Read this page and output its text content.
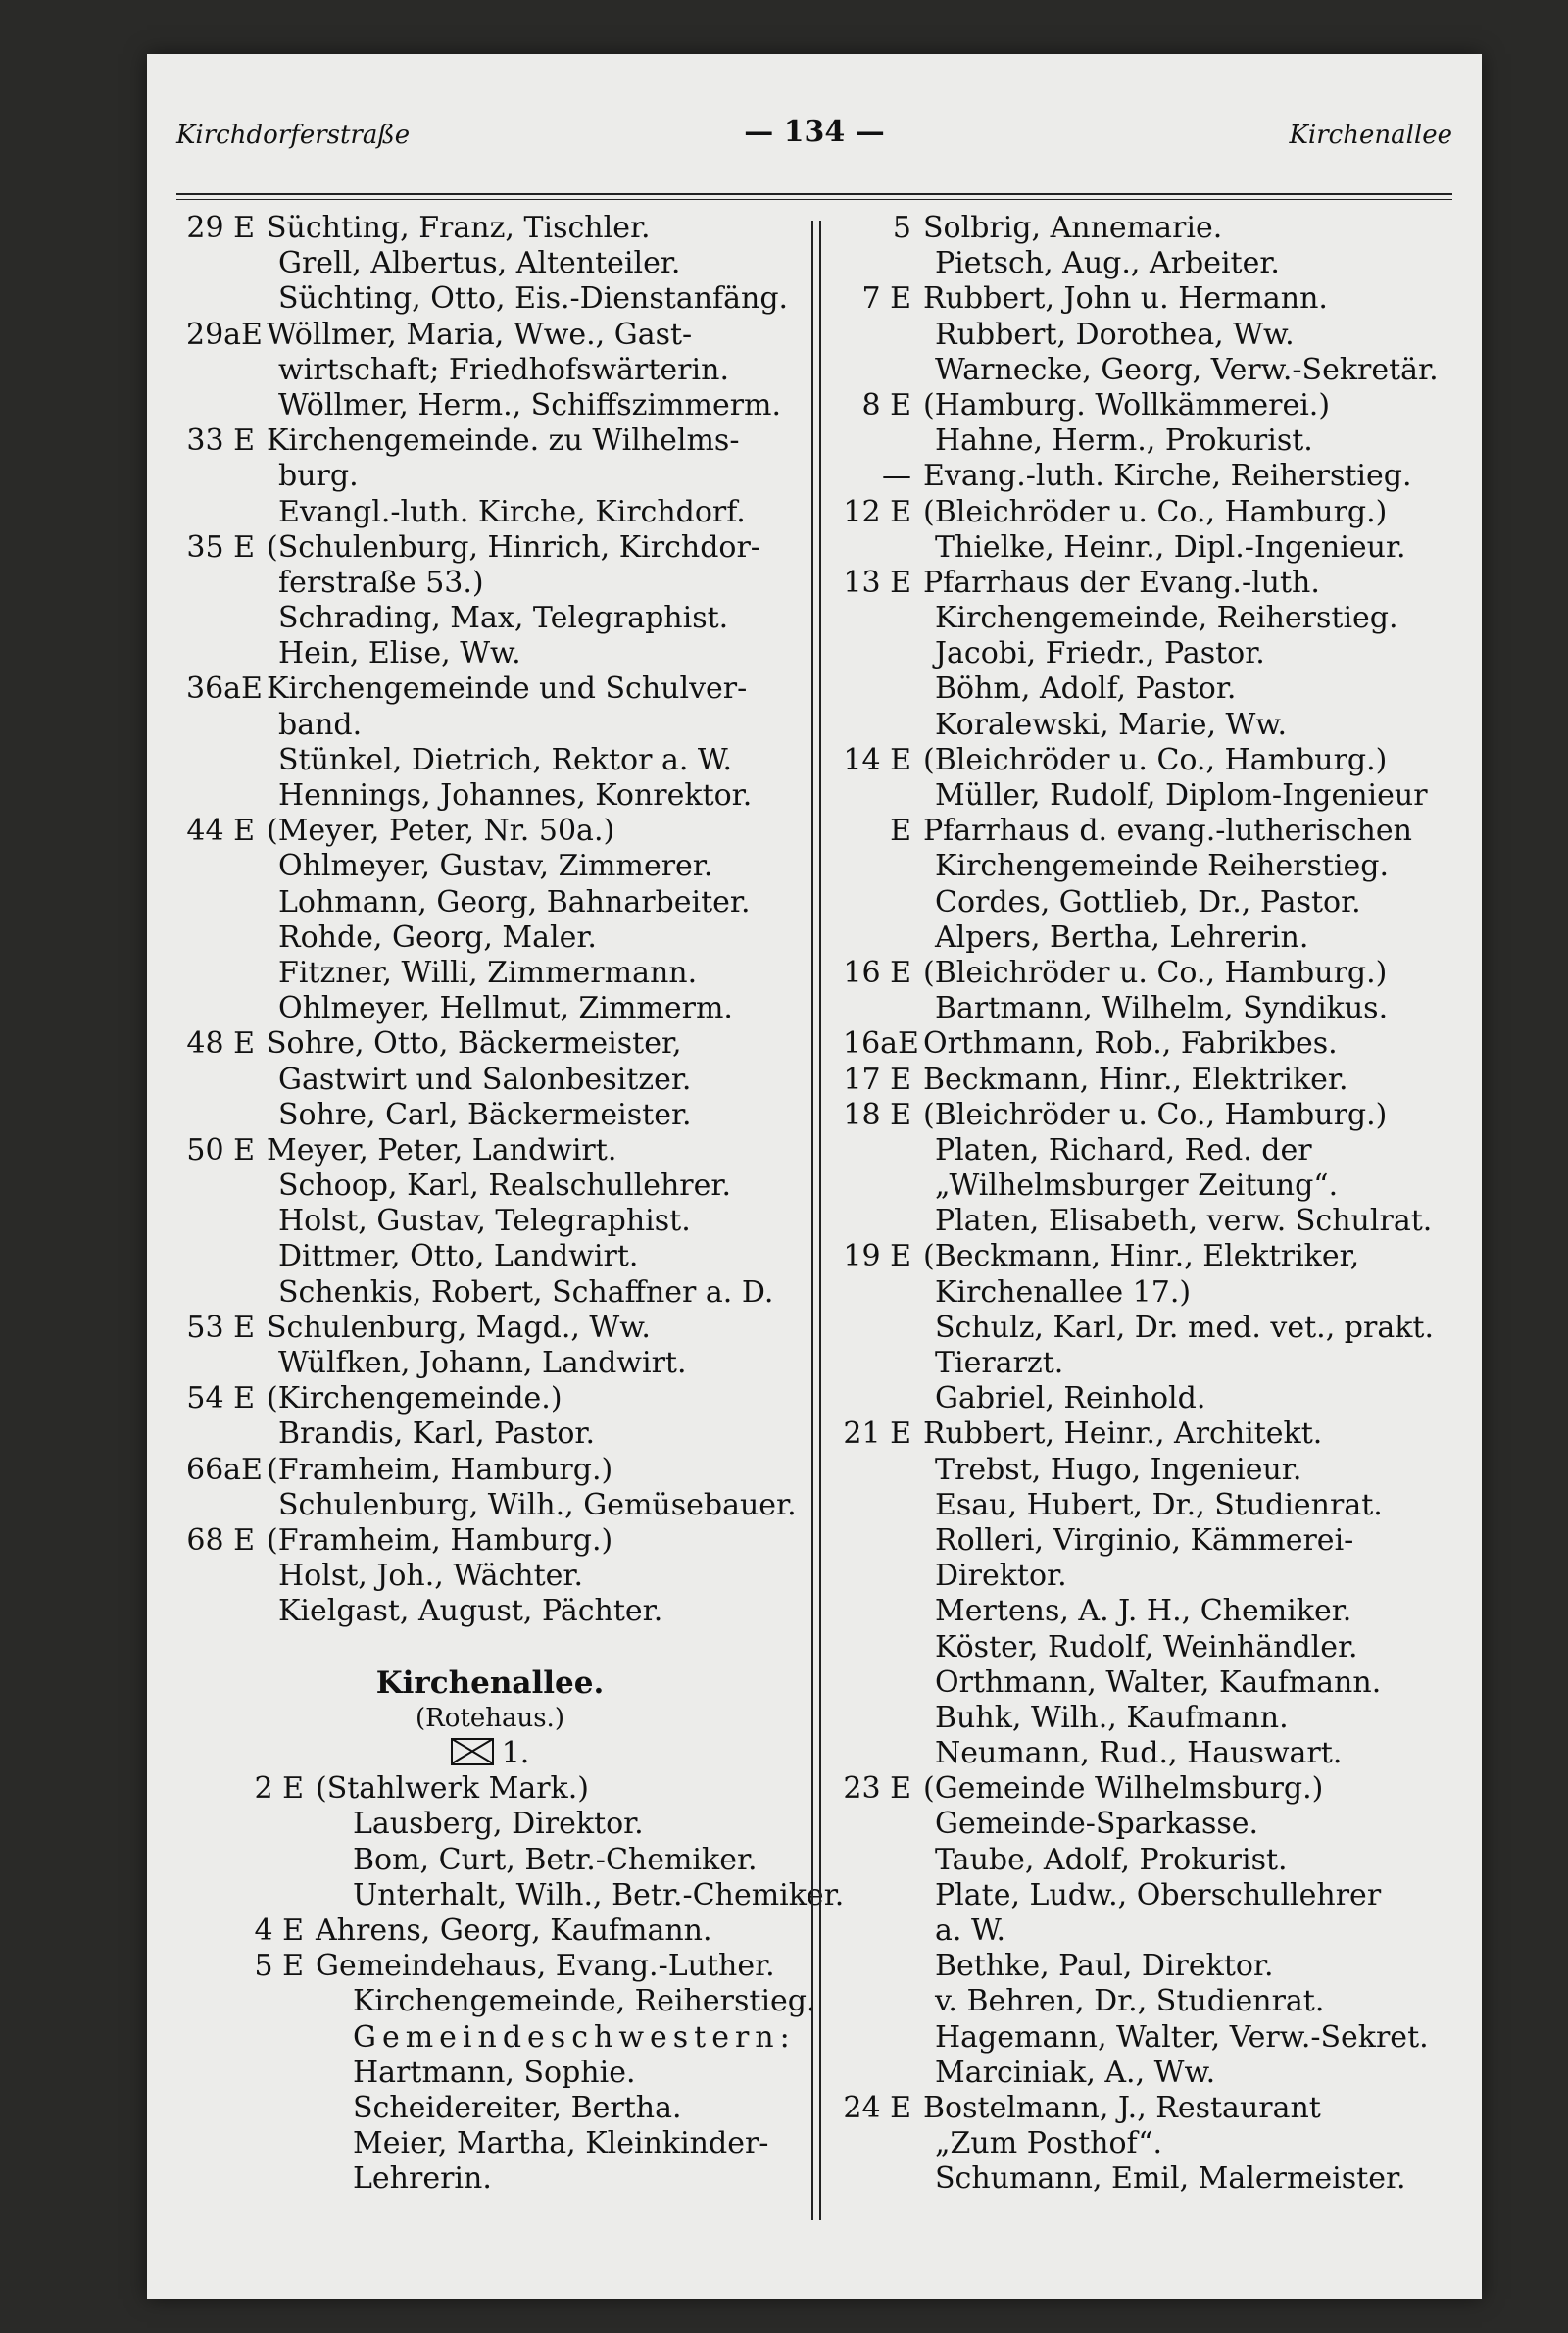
Kirchdorferstraße	— 134 —	Kirchenallee
29 E Süchting, Franz, Tischler.
Grell, Albertus, Altenteiler.
Süchting, Otto, Eis.-Dienstanfäng.
29aE Wöllmer, Maria, Wwe., Gast-
wirtschaft; Friedhofswärterin.
Wöllmer, Herm., Schiffszimmerm.
33 E Kirchengemeinde. zu Wilhelms-
burg.
Evangl.-luth. Kirche, Kirchdorf.
35 E (Schulenburg, Hinrich, Kirchdor-
ferstraße 53.)
Schrading, Max, Telegraphist.
Hein, Elise, Ww.
36aE Kirchengemeinde und Schulver-
band.
Stünkel, Dietrich, Rektor a. W.
Hennings, Johannes, Konrektor.
44 E (Meyer, Peter, Nr. 50a.)
Ohlmeyer, Gustav, Zimmerer.
Lohmann, Georg, Bahnarbeiter.
Rohde, Georg, Maler.
Fitzner, Willi, Zimmermann.
Ohlmeyer, Hellmut, Zimmerm.
48 E Sohre, Otto, Bäckermeister,
Gastwirt und Salonbesitzer.
Sohre, Carl, Bäckermeister.
50 E Meyer, Peter, Landwirt.
Schoop, Karl, Realschullehrer.
Holst, Gustav, Telegraphist.
Dittmer, Otto, Landwirt.
Schenkis, Robert, Schaffner a. D.
53 E Schulenburg, Magd., Ww.
Wülfken, Johann, Landwirt.
54 E (Kirchengemeinde.)
Brandis, Karl, Pastor.
66aE (Framheim, Hamburg.)
Schulenburg, Wilh., Gemüsebauer.
68 E (Framheim, Hamburg.)
Holst, Joh., Wächter.
Kielgast, August, Pächter.
Kirchenallee.
(Rotehaus.)
1.
2 E (Stahlwerk Mark.)
Lausberg, Direktor.
Bom, Curt, Betr.-Chemiker.
Unterhalt, Wilh., Betr.-Chemiker.
4 E Ahrens, Georg, Kaufmann.
5 E Gemeindehaus, Evang.-Luther.
Kirchengemeinde, Reiherstieg.
Gemeindeschwestern:
Hartmann, Sophie.
Scheidereiter, Bertha.
Meier, Martha, Kleinkinder-
Lehrerin.
5 Solbrig, Annemarie.
Pietsch, Aug., Arbeiter.
7 E Rubbert, John u. Hermann.
Rubbert, Dorothea, Ww.
Warnecke, Georg, Verw.-Sekretär.
8 E (Hamburg. Wollkämmerei.)
Hahne, Herm., Prokurist.
— Evang.-luth. Kirche, Reiherstieg.
12 E (Bleichröder u. Co., Hamburg.)
Thielke, Heinr., Dipl.-Ingenieur.
13 E Pfarrhaus der Evang.-luth.
Kirchengemeinde, Reiherstieg.
Jacobi, Friedr., Pastor.
Böhm, Adolf, Pastor.
Koralewski, Marie, Ww.
14 E (Bleichröder u. Co., Hamburg.)
Müller, Rudolf, Diplom-Ingenieur
E Pfarrhaus d. evang.-lutherischen
Kirchengemeinde Reiherstieg.
Cordes, Gottlieb, Dr., Pastor.
Alpers, Bertha, Lehrerin.
16 E (Bleichröder u. Co., Hamburg.)
Bartmann, Wilhelm, Syndikus.
16aE Orthmann, Rob., Fabrikbes.
17 E Beckmann, Hinr., Elektriker.
18 E (Bleichröder u. Co., Hamburg.)
Platen, Richard, Red. der
„Wilhelmsburger Zeitung“.
Platen, Elisabeth, verw. Schulrat.
19 E (Beckmann, Hinr., Elektriker,
Kirchenallee 17.)
Schulz, Karl, Dr. med. vet., prakt.
Tierarzt.
Gabriel, Reinhold.
21 E Rubbert, Heinr., Architekt.
Trebst, Hugo, Ingenieur.
Esau, Hubert, Dr., Studienrat.
Rolleri, Virginio, Kämmerei-
Direktor.
Mertens, A. J. H., Chemiker.
Köster, Rudolf, Weinhändler.
Orthmann, Walter, Kaufmann.
Buhk, Wilh., Kaufmann.
Neumann, Rud., Hauswart.
23 E (Gemeinde Wilhelmsburg.)
Gemeinde-Sparkasse.
Taube, Adolf, Prokurist.
Plate, Ludw., Oberschullehrer
a. W.
Bethke, Paul, Direktor.
v. Behren, Dr., Studienrat.
Hagemann, Walter, Verw.-Sekret.
Marciniak, A., Ww.
24 E Bostelmann, J., Restaurant
„Zum Posthof“.
Schumann, Emil, Malermeister.
